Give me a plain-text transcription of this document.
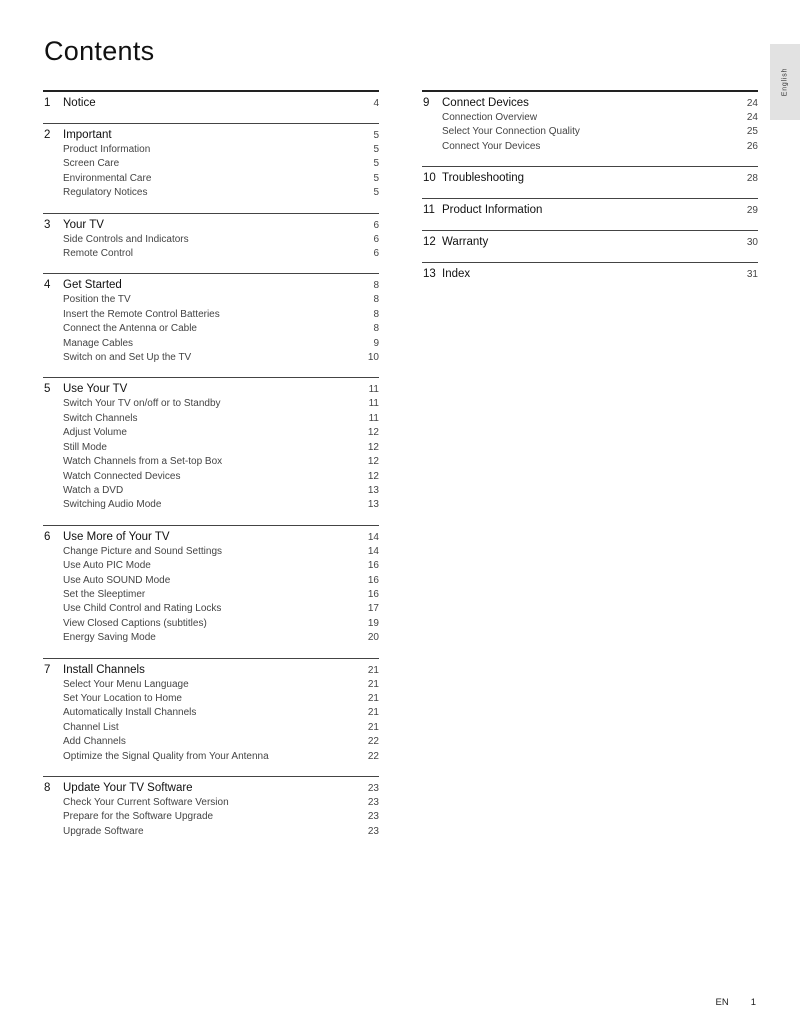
Contents
English
1 Notice	4
2 Important	5
Product Information	5
Screen Care	5
Environmental Care	5
Regulatory Notices	5
3 Your TV	6
Side Controls and Indicators	6
Remote Control	6
4 Get Started	8
Position the TV	8
Insert the Remote Control Batteries	8
Connect the Antenna or Cable	8
Manage Cables	9
Switch on and Set Up the TV	10
5 Use Your TV	11
Switch Your TV on/off or to Standby	11
Switch Channels	11
Adjust Volume	12
Still Mode	12
Watch Channels from a Set-top Box	12
Watch Connected Devices	12
Watch a DVD	13
Switching Audio Mode	13
6 Use More of Your TV	14
Change Picture and Sound Settings	14
Use Auto PIC Mode	16
Use Auto SOUND Mode	16
Set the Sleeptimer	16
Use Child Control and Rating Locks	17
View Closed Captions (subtitles)	19
Energy Saving Mode	20
7 Install Channels	21
Select Your Menu Language	21
Set Your Location to Home	21
Automatically Install Channels	21
Channel List	21
Add Channels	22
Optimize the Signal Quality from Your Antenna	22
8 Update Your TV Software	23
Check Your Current Software Version	23
Prepare for the Software Upgrade	23
Upgrade Software	23
9 Connect Devices	24
Connection Overview	24
Select Your Connection Quality	25
Connect Your Devices	26
10 Troubleshooting	28
11 Product Information	29
12 Warranty	30
13 Index	31
EN 1
